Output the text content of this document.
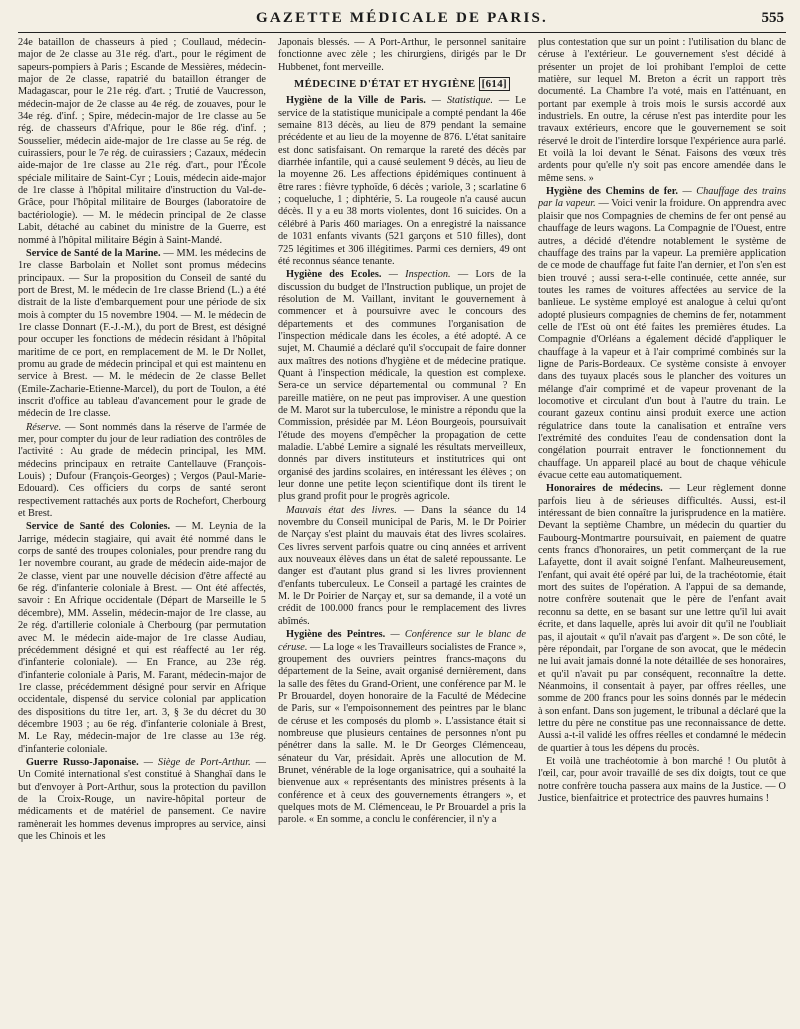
GAZETTE MÉDICALE DE PARIS.	555

24e bataillon de chasseurs à pied ; Coullaud, médecin-major de 2e classe au 31e rég. d'art., pour le régiment de sapeurs-pompiers à Paris ; Escande de Messières, médecin-major de 2e classe, rapatrié du bataillon étranger de Madagascar, pour le 21e rég. d'art. ; Trutié de Vaucresson, médecin-major de 2e classe au 4e rég. de zouaves, pour le 34e rég. d'inf. ; Spire, médecin-major de 1re classe au 5e rég. de chasseurs d'Afrique, pour le 86e rég. d'inf. ; Sousselier, médecin aide-major de 1re classe au 5e rég. de cuirassiers, pour le 7e rég. de cuirassiers ; Cazaux, médecin aide-major de 1re classe au 21e rég. d'art., pour l'École spéciale militaire de Saint-Cyr ; Louis, médecin aide-major de 1re classe à l'hôpital militaire d'instruction du Val-de-Grâce, pour l'hôpital militaire de Bourges (laboratoire de bactériologie). — M. le médecin principal de 2e classe Labit, détaché au cabinet du ministre de la Guerre, est nommé à l'hôpital militaire Bégin à Saint-Mandé.

Service de Santé de la Marine. — MM. les médecins de 1re classe Barbolain et Nollet sont promus médecins principaux. — Sur la proposition du Conseil de santé du port de Brest, M. le médecin de 1re classe Briend (L.) a été distrait de la liste d'embarquement pour une période de six mois à compter du 15 novembre 1904. — M. le médecin de 1re classe Donnart (F.-J.-M.), du port de Brest, est désigné pour occuper les fonctions de médecin résidant à l'hôpital maritime de ce port, en remplacement de M. le Dr Nollet, promu au grade de médecin principal et qui est maintenu en service à Brest. — M. le médecin de 2e classe Bellet (Emile-Zacharie-Etienne-Marcel), du port de Toulon, a été inscrit d'office au tableau d'avancement pour le grade de médecin de 1re classe.

Réserve. — Sont nommés dans la réserve de l'armée de mer, pour compter du jour de leur radiation des contrôles de l'activité : Au grade de médecin principal, les MM. médecins principaux en retraite Cantellauve (François-Louis) ; Dufour (François-Georges) ; Vergos (Paul-Marie-Edouard). Ces officiers du corps de santé seront respectivement rattachés aux ports de Rochefort, Cherbourg et Brest.

Service de Santé des Colonies. — M. Leynia de la Jarrige, médecin stagiaire, qui avait été nommé dans le corps de santé des troupes coloniales, pour prendre rang du 1er novembre courant, au grade de médecin aide-major de 2e classe, vient par une nouvelle décision d'être affecté au 6e rég. d'infanterie coloniale à Brest. — Ont été affectés, savoir : En Afrique occidentale (Départ de Marseille le 5 décembre), MM. Asselin, médecin-major de 1re classe, au 2e rég. d'artillerie coloniale à Cherbourg (par permutation avec M. le médecin aide-major de 1re classe Audiau, précédemment désigné et qui est réaffecté au 1er rég. d'infanterie coloniale). — En France, au 23e rég. d'infanterie coloniale à Paris, M. Farant, médecin-major de 1re classe, précédemment désigné pour servir en Afrique occidentale, dispensé du service colonial par application des dispositions du titre 1er, art. 3, § 3e du décret du 30 décembre 1903 ; au 6e rég. d'infanterie coloniale à Brest, M. Le Ray, médecin-major de 1re classe au 13e rég. d'infanterie coloniale.

Guerre Russo-Japonaise. — Siège de Port-Arthur. — Un Comité international s'est constitué à Shanghaï dans le but d'envoyer à Port-Arthur, sous la protection du pavillon de la Croix-Rouge, un navire-hôpital porteur de médicaments et de matériel de pansement. Ce navire ramènerait les hommes devenus impropres au service, ainsi que les Chinois et les

Japonais blessés. — A Port-Arthur, le personnel sanitaire fonctionne avec zèle ; les chirurgiens, dirigés par le Dr Hubbenet, font merveille.

MÉDECINE D'ÉTAT ET HYGIÈNE [614]

Hygiène de la Ville de Paris. — Statistique. — Le service de la statistique municipale a compté pendant la 46e semaine 813 décès, au lieu de 879 pendant la semaine précédente et au lieu de la moyenne de 876. L'état sanitaire est donc satisfaisant. On remarque la rareté des décès par diarrhée infantile, qui a causé seulement 9 décès, au lieu de la moyenne 26. Les affections épidémiques continuent à être rares : fièvre typhoïde, 6 décès ; variole, 3 ; scarlatine 6 ; coqueluche, 1 ; diphtérie, 5. La rougeole n'a causé aucun décès. Il y a eu 38 morts violentes, dont 16 suicides. On a célébré à Paris 460 mariages. On a enregistré la naissance de 1031 enfants vivants (521 garçons et 510 filles), dont 725 légitimes et 306 illégitimes. Parmi ces derniers, 49 ont été reconnus séance tenante.

Hygiène des Ecoles. — Inspection. — Lors de la discussion du budget de l'Instruction publique, un projet de résolution de M. Vaillant, invitant le gouvernement à commencer et à poursuivre avec le concours des départements et des communes l'organisation de l'inspection médicale dans les écoles, a été adopté. A ce sujet, M. Chaumié a déclaré qu'il s'occupait de faire donner aux maîtres des notions d'hygiène et de médecine pratique. Quant à l'inspection médicale, la question est complexe. Sera-ce un service départemental ou communal ? En pareille matière, on ne peut pas improviser. A une question de M. Marot sur la tuberculose, le ministre a répondu que la Commission, présidée par M. Léon Bourgeois, poursuivait l'étude des moyens d'empêcher la propagation de cette maladie. L'abbé Lemire a signalé les résultats merveilleux, donnés par divers instituteurs et institutrices qui ont organisé des jardins scolaires, en intéressant les élèves ; on leur donne une petite leçon scientifique dont ils tirent le plus grand profit pour le progrès agricole.

Mauvais état des livres. — Dans la séance du 14 novembre du Conseil municipal de Paris, M. le Dr Poirier de Narçay s'est plaint du mauvais état des livres scolaires. Ces livres servent parfois quatre ou cinq années et arrivent aux nouveaux élèves dans un état de saleté repoussante. Le danger est d'autant plus grand si les livres proviennent d'enfants tuberculeux. Le Conseil a partagé les craintes de M. le Dr Poirier de Narçay et, sur sa demande, il a voté un crédit de 100.000 francs pour le remplacement des livres abîmés.

Hygiène des Peintres. — Conférence sur le blanc de céruse. — La loge « les Travailleurs socialistes de France », groupement des ouvriers peintres francs-maçons du département de la Seine, avait organisé dernièrement, dans la salle des fêtes du Grand-Orient, une conférence par M. le Pr Brouardel, doyen honoraire de la Faculté de Médecine de Paris, sur « l'empoisonnement des peintres par le blanc de céruse et les composés du plomb ». L'assistance était si nombreuse que plusieurs centaines de personnes n'ont pu pénétrer dans la salle. M. le Dr Georges Clémenceau, sénateur du Var, présidait. Après une allocution de M. Brunet, vénérable de la loge organisatrice, qui a souhaité la bienvenue aux « représentants des ministres présents à la conférence et à ceux des gouvernements étrangers », et quelques mots de M. Clémenceau, le Pr Brouardel a pris la parole. « En somme, a conclu le conférencier, il n'y a

plus contestation que sur un point : l'utilisation du blanc de céruse à l'extérieur. Le gouvernement s'est décidé à présenter un projet de loi prohibant l'emploi de cette matière, sur lequel M. Breton a écrit un rapport très documenté. La Chambre l'a voté, mais en l'atténuant, en portant par exemple à trois mois le sursis accordé aux industriels. En outre, la céruse n'est pas interdite pour les travaux extérieurs, encore que le gouvernement se soit réservé le droit de l'interdire lorsque l'expérience aura parlé. Et voilà la loi devant le Sénat. Faisons des vœux très ardents pour qu'elle n'y soit pas encore amendée dans le même sens. »

Hygiène des Chemins de fer. — Chauffage des trains par la vapeur. — Voici venir la froidure. On apprendra avec plaisir que nos Compagnies de chemins de fer ont pensé au chauffage de leurs wagons. La Compagnie de l'Ouest, entre autres, a décidé d'étendre notablement le système de chauffage des trains par la vapeur. La première application de ce mode de chauffage fut faite l'an dernier, et l'on s'en est bien trouvé ; aussi sera-t-elle continuée, cette année, sur toutes les rames de voitures affectées au service de la banlieue. Le système employé est analogue à celui qu'ont adopté plusieurs compagnies de chemins de fer, notamment celle de l'Est où ont été faites les premières études. La Compagnie d'Orléans a également décidé d'appliquer le chauffage à la vapeur et à l'air comprimé combinés sur la ligne de Paris-Bordeaux. Ce système consiste à envoyer dans des tuyaux placés sous le plancher des voitures un mélange d'air comprimé et de vapeur provenant de la locomotive et circulant d'un bout à l'autre du train. Le courant gazeux continu ainsi produit exerce une action régulatrice dans toute la canalisation et entraîne vers l'extrémité des conduites l'eau de condensation dont la congélation pourrait entraver le fonctionnement du chauffage. Un appareil placé au bout de chaque véhicule évacue cette eau automatiquement.

Honoraires de médecins. — Leur règlement donne parfois lieu à de sérieuses difficultés. Aussi, est-il intéressant de bien connaître la jurisprudence en la matière. Devant la septième Chambre, un médecin du quartier du Faubourg-Montmartre poursuivait, en paiement de quatre cents francs d'honoraires, un petit commerçant de la rue Lafayette, dont il avait soigné l'enfant. Malheureusement, l'enfant, qui avait été opéré par lui, de la trachéotomie, était mort des suites de l'opération. A l'appui de sa demande, notre confrère soutenait que le père de l'enfant avait reconnu sa dette, en se basant sur une lettre qu'il lui avait écrite, et dans laquelle, après lui avoir dit qu'il ne l'oubliait pas, il ajoutait « qu'il n'avait pas d'argent ». De son côté, le père répondait, par l'organe de son avocat, que le médecin ne lui avait jamais donné la note détaillée de ses honoraires, et qu'il n'avait pu par conséquent, reconnaître la dette. Néanmoins, il consentait à payer, par offres réelles, une somme de 200 francs pour les soins donnés par le médecin à son enfant. Dans son jugement, le tribunal a déclaré que la lettre du père ne constitue pas une reconnaissance de dette. Aussi a-t-il validé les offres réelles et condamné le médecin de quartier à tous les dépens du procès.

Et voilà une trachéotomie à bon marché ! Ou plutôt à l'œil, car, pour avoir travaillé de ses dix doigts, tout ce que notre confrère toucha passera aux mains de la Justice. — O Justice, bienfaitrice et protectrice des pauvres humains !
